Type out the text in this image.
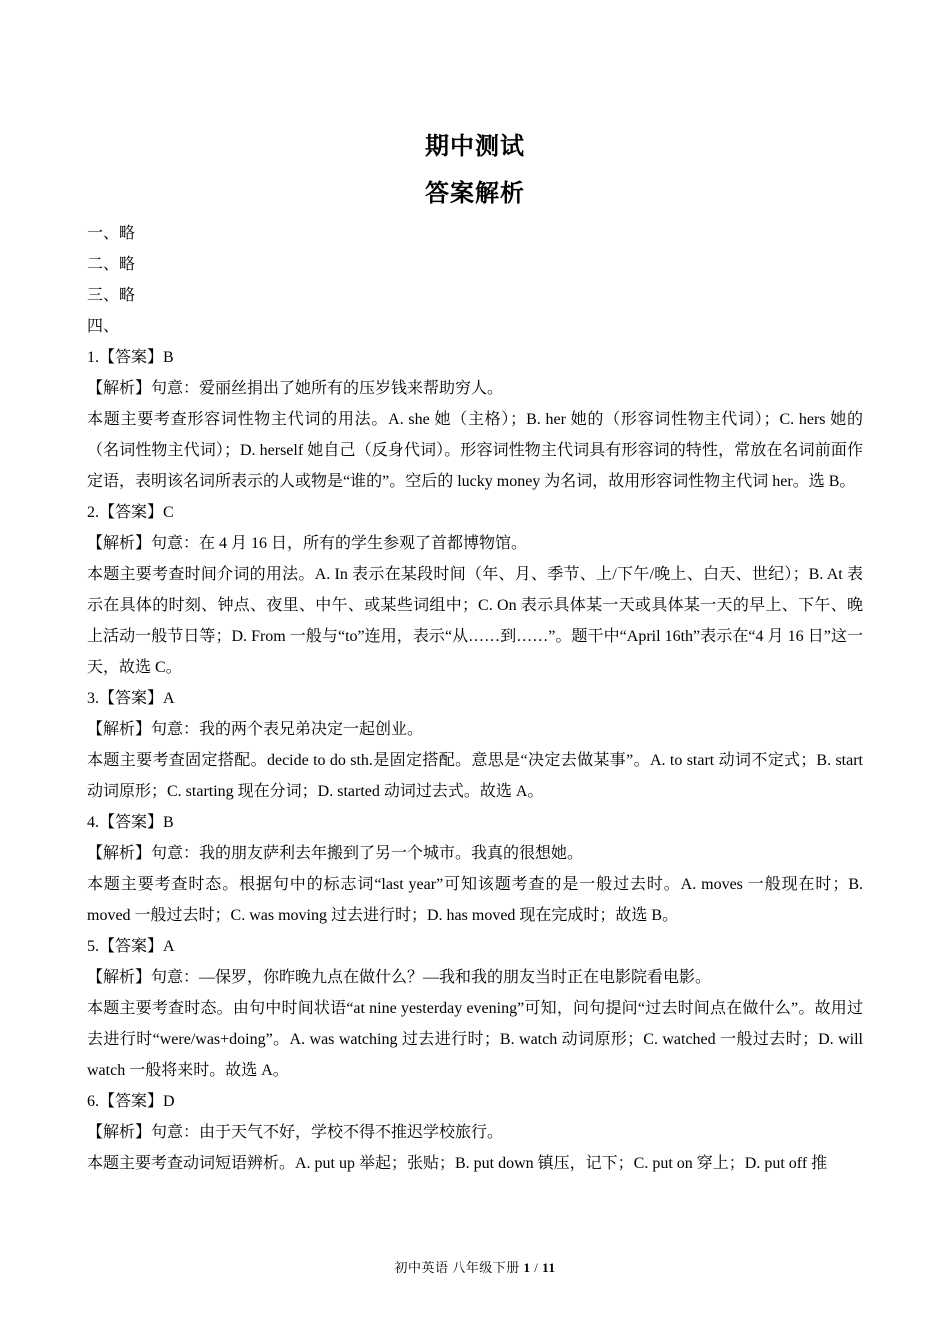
期中测试
答案解析

一、略

二、略

三、略

四、

1.【答案】B

【解析】句意：爱丽丝捐出了她所有的压岁钱来帮助穷人。

本题主要考查形容词性物主代词的用法。A. she 她（主格）；B. her 她的（形容词性物主代词）；C. hers 她的（名词性物主代词）；D. herself 她自己（反身代词）。形容词性物主代词具有形容词的特性，常放在名词前面作定语，表明该名词所表示的人或物是“谁的”。空后的 lucky money 为名词，故用形容词性物主代词 her。选 B。

2.【答案】C

【解析】句意：在 4 月 16 日，所有的学生参观了首都博物馆。

本题主要考查时间介词的用法。A. In 表示在某段时间（年、月、季节、上/下午/晚上、白天、世纪）；B. At 表示在具体的时刻、钟点、夜里、中午、或某些词组中；C. On 表示具体某一天或具体某一天的早上、下午、晚上活动一般节日等；D. From 一般与“to”连用，表示“从……到……”。题干中“April 16th”表示在“4 月 16 日”这一天，故选 C。

3.【答案】A

【解析】句意：我的两个表兄弟决定一起创业。

本题主要考查固定搭配。decide to do sth.是固定搭配。意思是“决定去做某事”。A. to start 动词不定式；B. start 动词原形；C. starting 现在分词；D. started 动词过去式。故选 A。

4.【答案】B

【解析】句意：我的朋友萨利去年搬到了另一个城市。我真的很想她。

本题主要考查时态。根据句中的标志词“last year”可知该题考查的是一般过去时。A. moves 一般现在时；B. moved 一般过去时；C. was moving 过去进行时；D. has moved 现在完成时；故选 B。

5.【答案】A

【解析】句意：—保罗，你昨晚九点在做什么？—我和我的朋友当时正在电影院看电影。

本题主要考查时态。由句中时间状语“at nine yesterday evening”可知，问句提问“过去时间点在做什么”。故用过去进行时“were/was+doing”。A. was watching 过去进行时；B. watch 动词原形；C. watched 一般过去时；D. will watch 一般将来时。故选 A。

6.【答案】D

【解析】句意：由于天气不好，学校不得不推迟学校旅行。

本题主要考查动词短语辨析。A. put up 举起；张贴；B. put down 镇压，记下；C. put on 穿上；D. put off 推

初中英语 八年级下册 1 / 11
